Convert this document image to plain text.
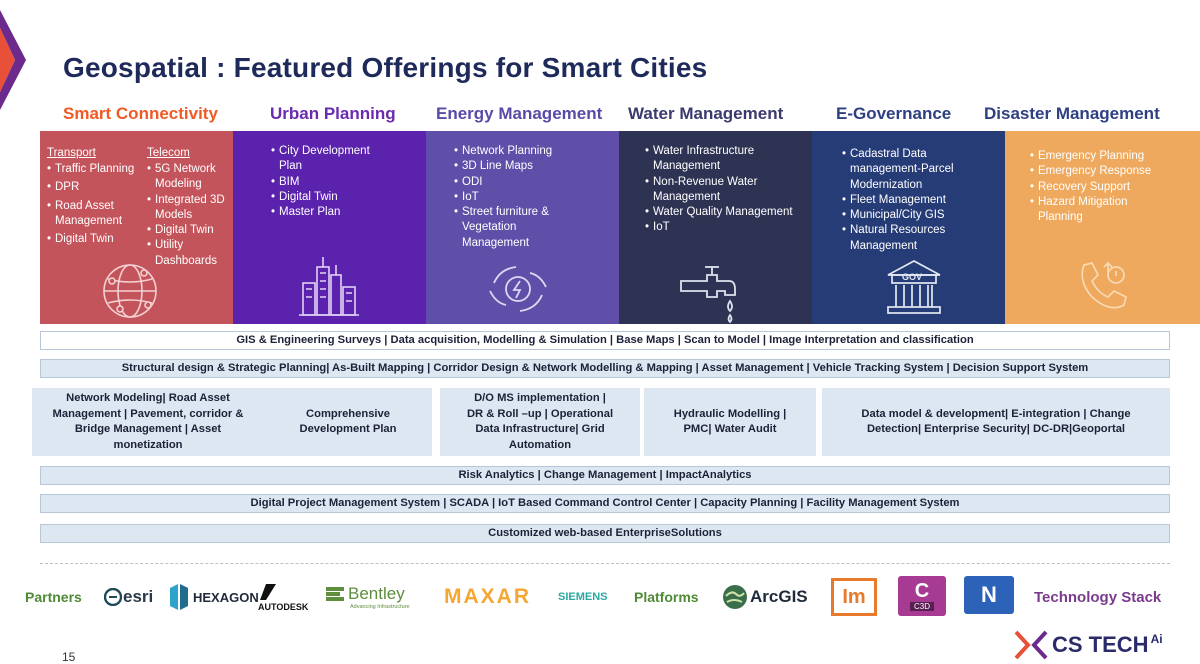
Geospatial : Featured Offerings for Smart Cities
Smart Connectivity	Urban Planning Energy Management Water Management	E-Governance Disaster Management
Transport
• Traffic Planning
• DPR
• Road Asset Management
• Digital Twin
Telecom
• 5G Network Modeling
• Integrated 3D Models
• Digital Twin
• Utility Dashboards
• City Development Plan
• BIM
• Digital Twin
• Master Plan
• Network Planning
• 3D Line Maps
• ODI
• IoT
• Street furniture & Vegetation Management
• Water Infrastructure Management
• Non-Revenue Water Management
• Water Quality Management
• IoT
• Cadastral Data management-Parcel Modernization
• Fleet Management
• Municipal/City GIS
• Natural Resources Management
GOV
• Emergency Planning
• Emergency Response
• Recovery Support
• Hazard Mitigation Planning
GIS & Engineering Surveys | Data acquisition, Modelling & Simulation | Base Maps | Scan to Model | Image Interpretation and classification
Structural design & Strategic Planning| As-Built Mapping | Corridor Design & Network Modelling & Mapping | Asset Management | Vehicle Tracking System | Decision Support System
Network Modeling| Road Asset Management | Pavement, corridor & Bridge Management | Asset monetization
Comprehensive Development Plan
D/O MS implementation | DR & Roll –up | Operational Data Infrastructure| Grid Automation
Hydraulic Modelling | PMC| Water Audit
Data model & development| E-integration | Change Detection| Enterprise Security| DC-DR|Geoportal
Risk Analytics | Change Management | ImpactAnalytics
Digital Project Management System | SCADA | IoT Based Command Control Center | Capacity Planning | Facility Management System
Customized web-based EnterpriseSolutions
Partners esri	HEXAGON
AUTODESK
Bentley
Advancing Infrastructure MAXAR SIEMENS Platforms	ArcGIS Im C
C3D N Technology Stack
15	CS TECH Ai
